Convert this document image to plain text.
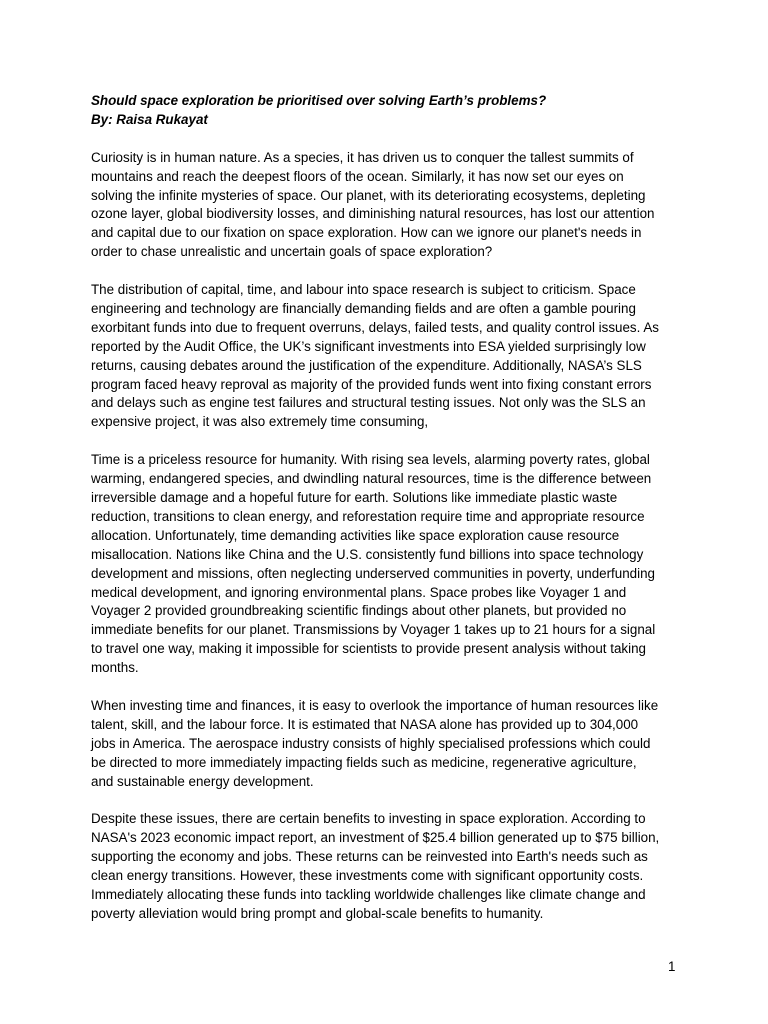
Should space exploration be prioritised over solving Earth’s problems?

By: Raisa Rukayat

Curiosity is in human nature. As a species, it has driven us to conquer the tallest summits of
mountains and reach the deepest floors of the ocean. Similarly, it has now set our eyes on
solving the infinite mysteries of space. Our planet, with its deteriorating ecosystems, depleting
ozone layer, global biodiversity losses, and diminishing natural resources, has lost our attention
and capital due to our fixation on space exploration. How can we ignore our planet's needs in
order to chase unrealistic and uncertain goals of space exploration?

The distribution of capital, time, and labour into space research is subject to criticism. Space
engineering and technology are financially demanding fields and are often a gamble pouring
exorbitant funds into due to frequent overruns, delays, failed tests, and quality control issues. As
reported by the Audit Office, the UK’s significant investments into ESA yielded surprisingly low
returns, causing debates around the justification of the expenditure. Additionally, NASA’s SLS
program faced heavy reproval as majority of the provided funds went into fixing constant errors
and delays such as engine test failures and structural testing issues. Not only was the SLS an
expensive project, it was also extremely time consuming,

Time is a priceless resource for humanity. With rising sea levels, alarming poverty rates, global
warming, endangered species, and dwindling natural resources, time is the difference between
irreversible damage and a hopeful future for earth. Solutions like immediate plastic waste
reduction, transitions to clean energy, and reforestation require time and appropriate resource
allocation. Unfortunately, time demanding activities like space exploration cause resource
misallocation. Nations like China and the U.S. consistently fund billions into space technology
development and missions, often neglecting underserved communities in poverty, underfunding
medical development, and ignoring environmental plans. Space probes like Voyager 1 and
Voyager 2 provided groundbreaking scientific findings about other planets, but provided no
immediate benefits for our planet. Transmissions by Voyager 1 takes up to 21 hours for a signal
to travel one way, making it impossible for scientists to provide present analysis without taking
months.

When investing time and finances, it is easy to overlook the importance of human resources like
talent, skill, and the labour force. It is estimated that NASA alone has provided up to 304,000
jobs in America. The aerospace industry consists of highly specialised professions which could
be directed to more immediately impacting fields such as medicine, regenerative agriculture,
and sustainable energy development.

Despite these issues, there are certain benefits to investing in space exploration. According to
NASA's 2023 economic impact report, an investment of $25.4 billion generated up to $75 billion,
supporting the economy and jobs. These returns can be reinvested into Earth's needs such as
clean energy transitions. However, these investments come with significant opportunity costs.
Immediately allocating these funds into tackling worldwide challenges like climate change and
poverty alleviation would bring prompt and global-scale benefits to humanity.

1
